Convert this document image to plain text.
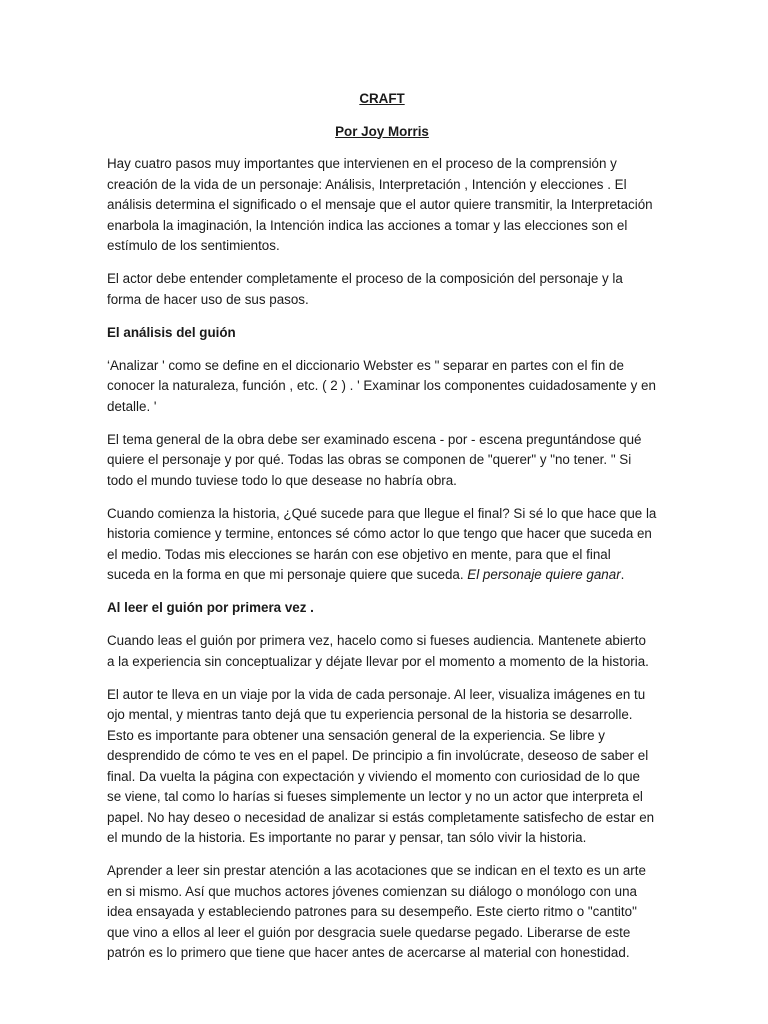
CRAFT
Por Joy Morris

Hay cuatro pasos muy importantes que intervienen en el proceso de la comprensión y creación de la vida de un personaje: Análisis, Interpretación , Intención y elecciones . El análisis determina el significado o el mensaje que el autor quiere transmitir, la Interpretación enarbola la imaginación, la Intención indica las acciones a tomar y las elecciones son el estímulo de los sentimientos.

El actor debe entender completamente el proceso de la composición del personaje y la forma de hacer uso de sus pasos.

El análisis del guión

‘Analizar ' como se define en el diccionario Webster es " separar en partes con el fin de conocer la naturaleza, función , etc. ( 2 ) . ' Examinar los componentes cuidadosamente y en detalle. '

El tema general de la obra debe ser examinado escena - por - escena preguntándose qué quiere el personaje y por qué. Todas las obras se componen de "querer" y "no tener. " Si todo el mundo tuviese todo lo que desease no habría obra.

Cuando comienza la historia, ¿Qué sucede para que llegue el final? Si sé lo que hace que la historia comience y termine, entonces sé cómo actor lo que tengo que hacer que suceda en el medio. Todas mis elecciones se harán con ese objetivo en mente, para que el final suceda en la forma en que mi personaje quiere que suceda. El personaje quiere ganar.

Al leer el guión por primera vez .

Cuando leas el guión por primera vez, hacelo como si fueses audiencia. Mantenete abierto a la experiencia sin conceptualizar y déjate llevar por el momento a momento de la historia.

El autor te lleva en un viaje por la vida de cada personaje. Al leer, visualiza imágenes en tu ojo mental, y mientras tanto dejá que tu experiencia personal de la historia se desarrolle. Esto es importante para obtener una sensación general de la experiencia. Se libre y desprendido de cómo te ves en el papel. De principio a fin involúcrate, deseoso de saber el final. Da vuelta la página con expectación y viviendo el momento con curiosidad de lo que se viene, tal como lo harías si fueses simplemente un lector y no un actor que interpreta el papel. No hay deseo o necesidad de analizar si estás completamente satisfecho de estar en el mundo de la historia. Es importante no parar y pensar, tan sólo vivir la historia.

Aprender a leer sin prestar atención a las acotaciones que se indican en el texto es un arte en si mismo. Así que muchos actores jóvenes comienzan su diálogo o monólogo con una idea ensayada y estableciendo patrones para su desempeño. Este cierto ritmo o "cantito" que vino a ellos al leer el guión por desgracia suele quedarse pegado. Liberarse de este patrón es lo primero que tiene que hacer antes de acercarse al material con honestidad.
